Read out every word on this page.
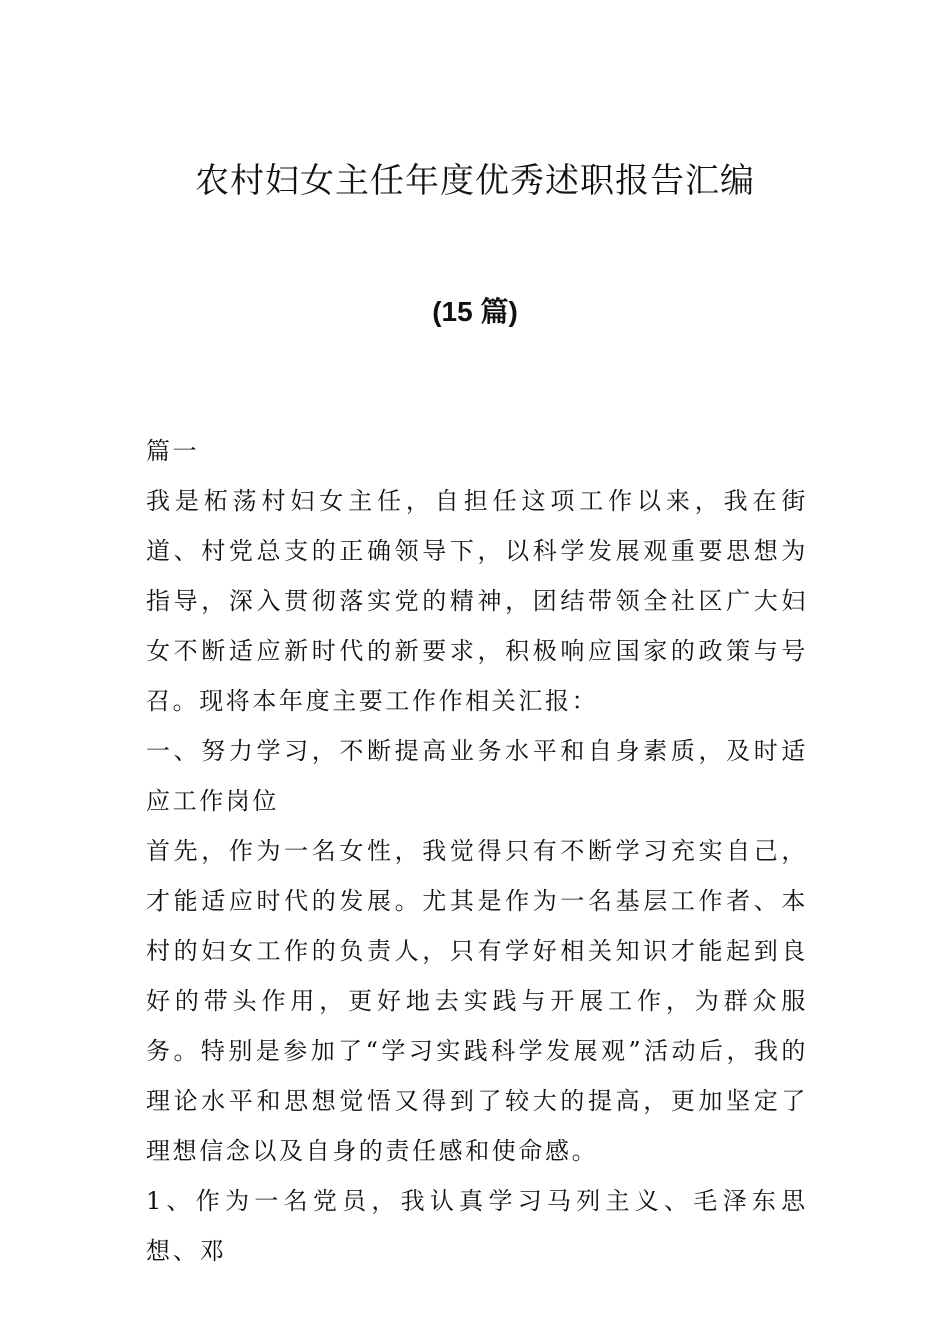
农村妇女主任年度优秀述职报告汇编
(15 篇)

篇一

我是柘荡村妇女主任，自担任这项工作以来，我在街道、村党总支的正确领导下，以科学发展观重要思想为指导，深入贯彻落实党的精神，团结带领全社区广大妇女不断适应新时代的新要求，积极响应国家的政策与号召。现将本年度主要工作作相关汇报：

一、努力学习，不断提高业务水平和自身素质，及时适应工作岗位

首先，作为一名女性，我觉得只有不断学习充实自己，才能适应时代的发展。尤其是作为一名基层工作者、本村的妇女工作的负责人，只有学好相关知识才能起到良好的带头作用，更好地去实践与开展工作，为群众服务。特别是参加了“学习实践科学发展观”活动后，我的理论水平和思想觉悟又得到了较大的提高，更加坚定了理想信念以及自身的责任感和使命感。

1、作为一名党员，我认真学习马列主义、毛泽东思想、邓
